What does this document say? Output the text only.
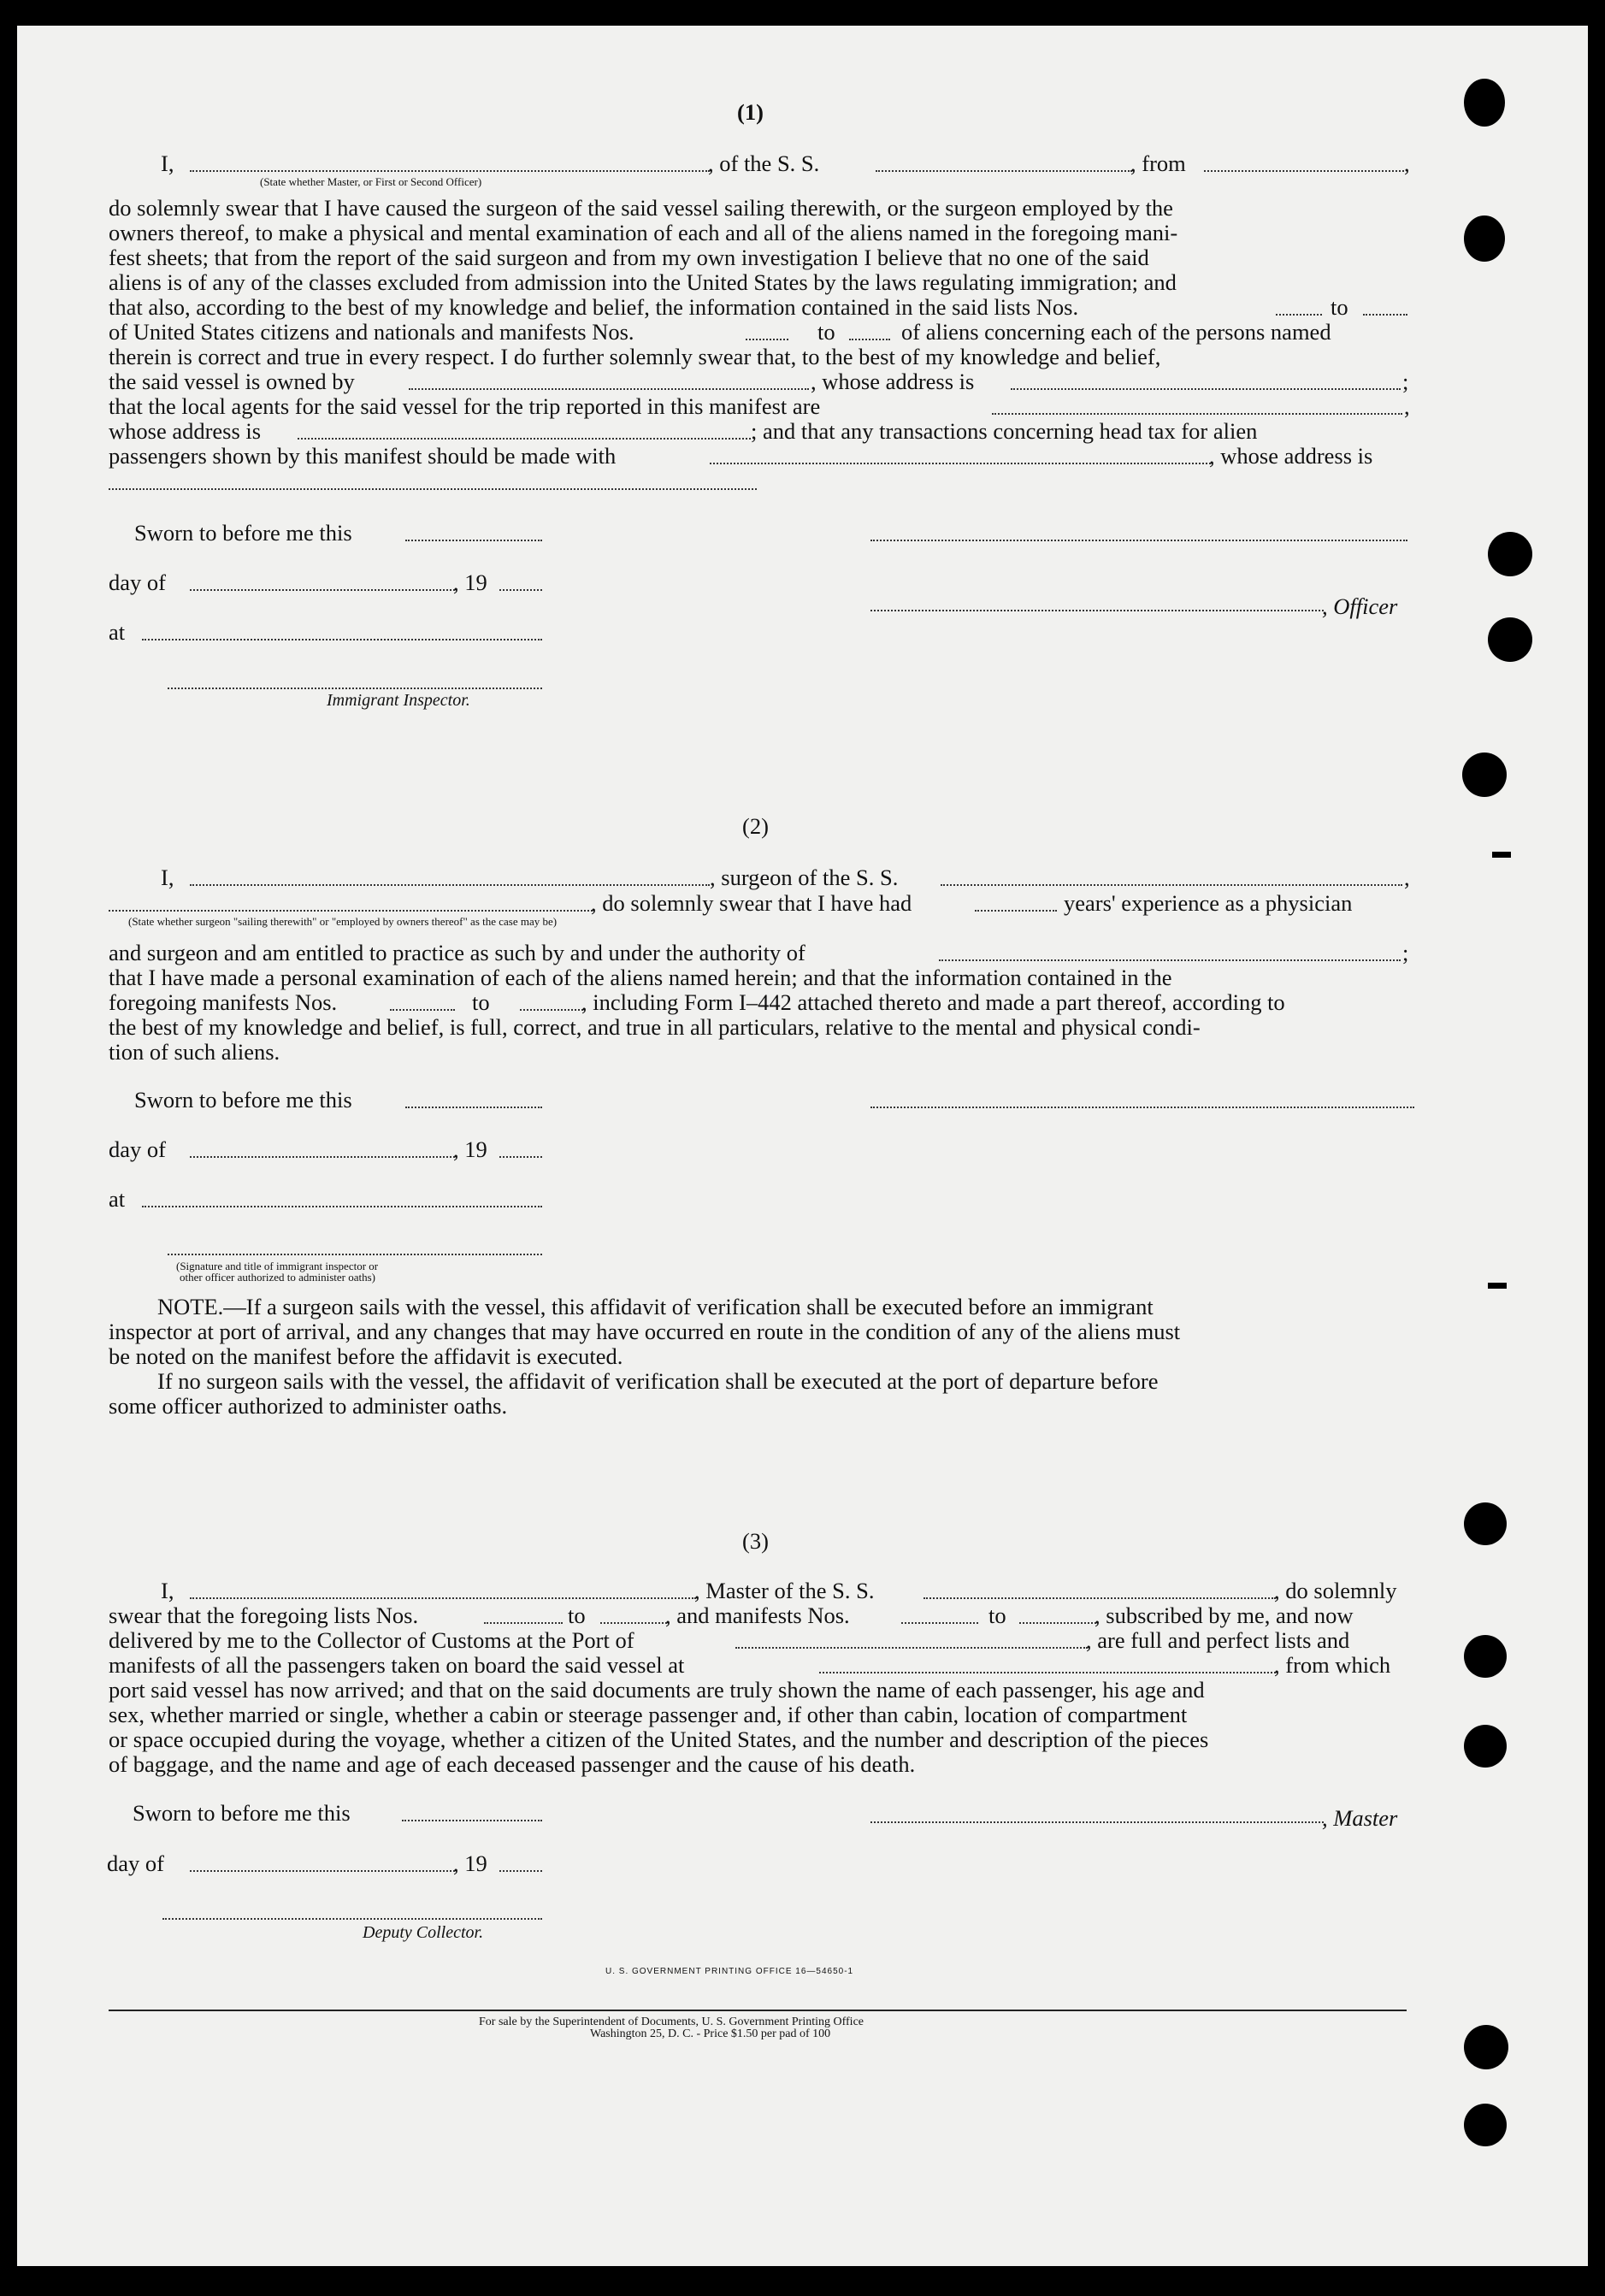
(1)
I,	, of the S. S.	, from	,
(State whether Master, or First or Second Officer)
do solemnly swear that I have caused the surgeon of the said vessel sailing therewith, or the surgeon employed by the
owners thereof, to make a physical and mental examination of each and all of the aliens named in the foregoing mani-
fest sheets; that from the report of the said surgeon and from my own investigation I believe that no one of the said
aliens is of any of the classes excluded from admission into the United States by the laws regulating immigration; and
that also, according to the best of my knowledge and belief, the information contained in the said lists Nos.	to
of United States citizens and nationals and manifests Nos.	to	of aliens concerning each of the persons named
therein is correct and true in every respect. I do further solemnly swear that, to the best of my knowledge and belief,
the said vessel is owned by	, whose address is	;
that the local agents for the said vessel for the trip reported in this manifest are	,
whose address is	; and that any transactions concerning head tax for alien
passengers shown by this manifest should be made with	, whose address is
Sworn to before me this
day of	, 19
, Officer
at
Immigrant Inspector.
(2)
I,	, surgeon of the S. S.	,
, do solemnly swear that I have had	years' experience as a physician
(State whether surgeon "sailing therewith" or "employed by owners thereof" as the case may be)
and surgeon and am entitled to practice as such by and under the authority of	;
that I have made a personal examination of each of the aliens named herein; and that the information contained in the
foregoing manifests Nos.	to	, including Form I–442 attached thereto and made a part thereof, according to
the best of my knowledge and belief, is full, correct, and true in all particulars, relative to the mental and physical condi-
tion of such aliens.
Sworn to before me this
day of	, 19
at
(Signature and title of immigrant inspector or
other officer authorized to administer oaths)
NOTE.—If a surgeon sails with the vessel, this affidavit of verification shall be executed before an immigrant
inspector at port of arrival, and any changes that may have occurred en route in the condition of any of the aliens must
be noted on the manifest before the affidavit is executed.
If no surgeon sails with the vessel, the affidavit of verification shall be executed at the port of departure before
some officer authorized to administer oaths.
(3)
I,	, Master of the S. S.	, do solemnly
swear that the foregoing lists Nos.	to	, and manifests Nos.	to	, subscribed by me, and now
delivered by me to the Collector of Customs at the Port of	, are full and perfect lists and
manifests of all the passengers taken on board the said vessel at	, from which
port said vessel has now arrived; and that on the said documents are truly shown the name of each passenger, his age and
sex, whether married or single, whether a cabin or steerage passenger and, if other than cabin, location of compartment
or space occupied during the voyage, whether a citizen of the United States, and the number and description of the pieces
of baggage, and the name and age of each deceased passenger and the cause of his death.
Sworn to before me this	, Master
day of	, 19
Deputy Collector.
U. S. GOVERNMENT PRINTING OFFICE 16—54650-1
For sale by the Superintendent of Documents, U. S. Government Printing Office
Washington 25, D. C. - Price $1.50 per pad of 100
